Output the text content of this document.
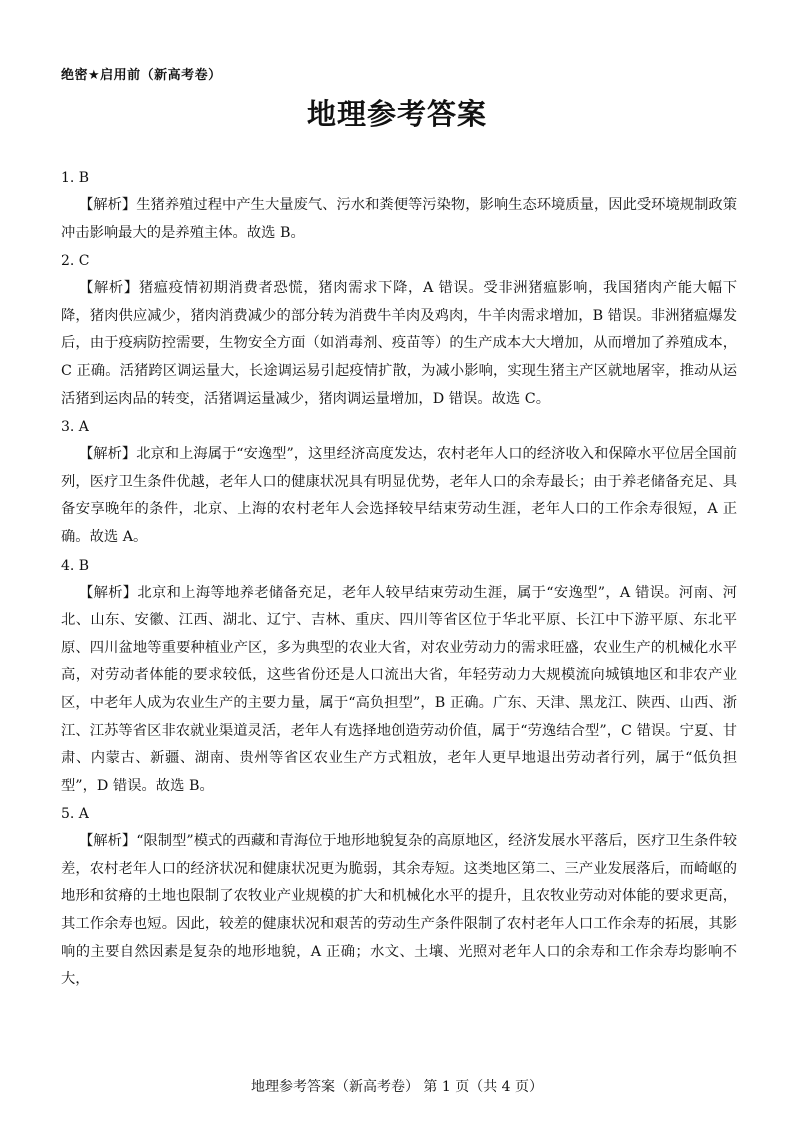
绝密★启用前（新高考卷）
地理参考答案
1. B

【解析】生猪养殖过程中产生大量废气、污水和粪便等污染物，影响生态环境质量，因此受环境规制政策冲击影响最大的是养殖主体。故选 B。

2. C

【解析】猪瘟疫情初期消费者恐慌，猪肉需求下降，A 错误。受非洲猪瘟影响，我国猪肉产能大幅下降，猪肉供应减少，猪肉消费减少的部分转为消费牛羊肉及鸡肉，牛羊肉需求增加，B 错误。非洲猪瘟爆发后，由于疫病防控需要，生物安全方面（如消毒剂、疫苗等）的生产成本大大增加，从而增加了养殖成本，C 正确。活猪跨区调运量大，长途调运易引起疫情扩散，为减小影响，实现生猪主产区就地屠宰，推动从运活猪到运肉品的转变，活猪调运量减少，猪肉调运量增加，D 错误。故选 C。

3. A

【解析】北京和上海属于“安逸型”，这里经济高度发达，农村老年人口的经济收入和保障水平位居全国前列，医疗卫生条件优越，老年人口的健康状况具有明显优势，老年人口的余寿最长；由于养老储备充足、具备安享晚年的条件，北京、上海的农村老年人会选择较早结束劳动生涯，老年人口的工作余寿很短，A 正确。故选 A。

4. B

【解析】北京和上海等地养老储备充足，老年人较早结束劳动生涯，属于“安逸型”，A 错误。河南、河北、山东、安徽、江西、湖北、辽宁、吉林、重庆、四川等省区位于华北平原、长江中下游平原、东北平原、四川盆地等重要种植业产区，多为典型的农业大省，对农业劳动力的需求旺盛，农业生产的机械化水平高，对劳动者体能的要求较低，这些省份还是人口流出大省，年轻劳动力大规模流向城镇地区和非农产业区，中老年人成为农业生产的主要力量，属于“高负担型”，B 正确。广东、天津、黑龙江、陕西、山西、浙江、江苏等省区非农就业渠道灵活，老年人有选择地创造劳动价值，属于“劳逸结合型”，C 错误。宁夏、甘肃、内蒙古、新疆、湖南、贵州等省区农业生产方式粗放，老年人更早地退出劳动者行列，属于“低负担型”，D 错误。故选 B。

5. A

【解析】“限制型”模式的西藏和青海位于地形地貌复杂的高原地区，经济发展水平落后，医疗卫生条件较差，农村老年人口的经济状况和健康状况更为脆弱，其余寿短。这类地区第二、三产业发展落后，而崎岖的地形和贫瘠的土地也限制了农牧业产业规模的扩大和机械化水平的提升，且农牧业劳动对体能的要求更高，其工作余寿也短。因此，较差的健康状况和艰苦的劳动生产条件限制了农村老年人口工作余寿的拓展，其影响的主要自然因素是复杂的地形地貌，A 正确；水文、土壤、光照对老年人口的余寿和工作余寿均影响不大，

地理参考答案（新高考卷） 第 1 页（共 4 页）
